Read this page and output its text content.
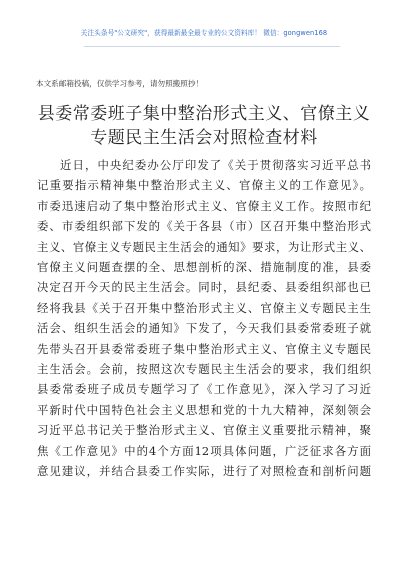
关注头条号"公文研究"，获得最新最全最专业的公文资料库！ 微信：gongwen168
本文系邮箱投稿，仅供学习参考，请勿照搬照抄！
县委常委班子集中整治形式主义、官僚主义
专题民主生活会对照检查材料
近日，中央纪委办公厅印发了《关于贯彻落实习近平总书
记重要指示精神集中整治形式主义、官僚主义的工作意见》。
市委迅速启动了集中整治形式主义、官僚主义工作。按照市纪
委、市委组织部下发的《关于各县（市）区召开集中整治形式
主义、官僚主义专题民主生活会的通知》要求，为让形式主义、
官僚主义问题查摆的全、思想剖析的深、措施制度的准，县委
决定召开今天的民主生活会。同时，县纪委、县委组织部也已
经将我县《关于召开集中整治形式主义、官僚主义专题民主生
活会、组织生活会的通知》下发了，今天我们县委常委班子就
先带头召开县委常委班子集中整治形式主义、官僚主义专题民
主生活会。会前，按照这次专题民主生活会的要求，我们组织
县委常委班子成员专题学习了《工作意见》，深入学习了习近
平新时代中国特色社会主义思想和党的十九大精神，深刻领会
习近平总书记关于整治形式主义、官僚主义重要批示精神，聚
焦《工作意见》中的4个方面12项具体问题，广泛征求各方面
意见建议，并结合县委工作实际，进行了对照检查和剖析问题
